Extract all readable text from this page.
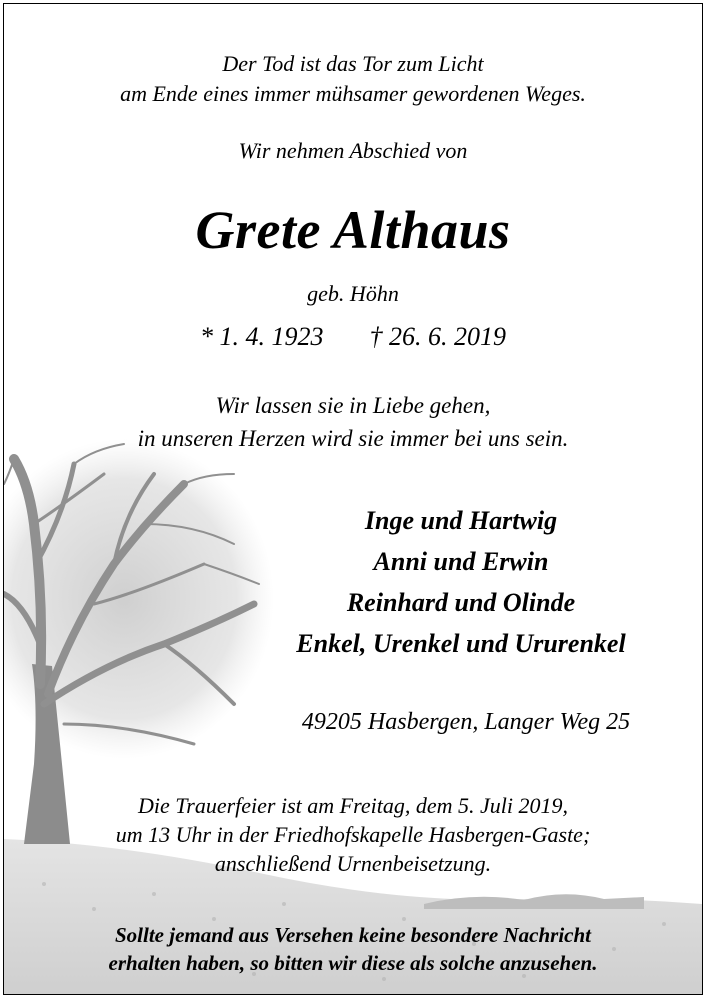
Der Tod ist das Tor zum Licht
am Ende eines immer mühsamer gewordenen Weges.
Wir nehmen Abschied von
Grete Althaus
geb. Höhn
* 1. 4. 1923 † 26. 6. 2019
Wir lassen sie in Liebe gehen,
in unseren Herzen wird sie immer bei uns sein.
Inge und Hartwig
Anni und Erwin
Reinhard und Olinde
Enkel, Urenkel und Ururenkel
49205 Hasbergen, Langer Weg 25
Die Trauerfeier ist am Freitag, dem 5. Juli 2019,
um 13 Uhr in der Friedhofskapelle Hasbergen-Gaste;
anschließend Urnenbeisetzung.
Sollte jemand aus Versehen keine besondere Nachricht
erhalten haben, so bitten wir diese als solche anzusehen.
